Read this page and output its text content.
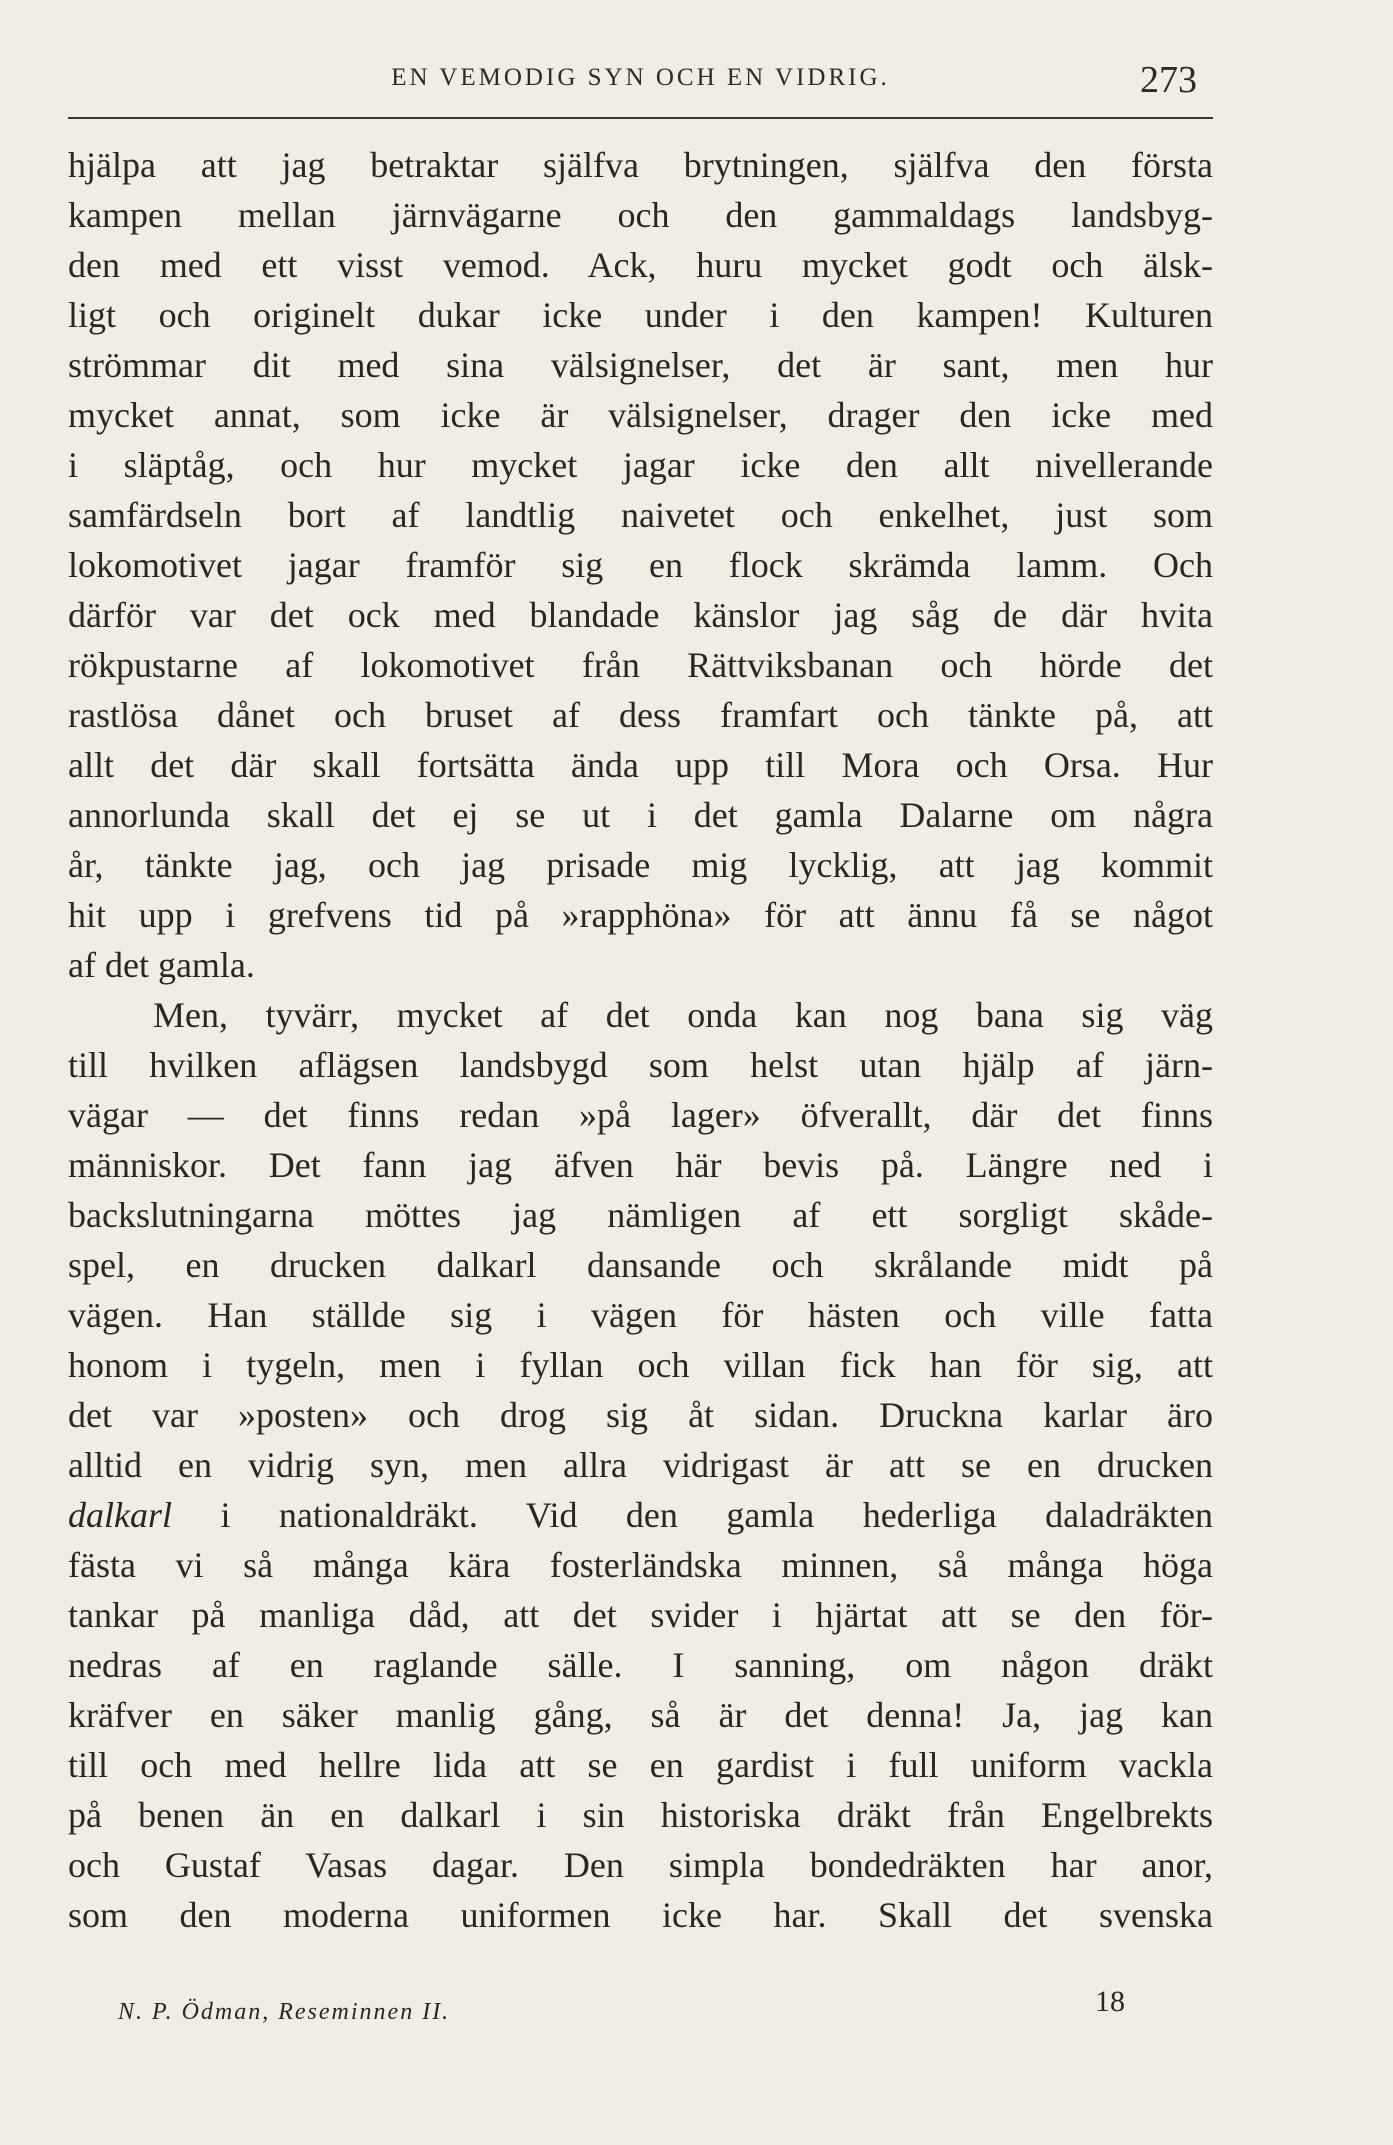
EN VEMODIG SYN OCH EN VIDRIG.	273
hjälpa att jag betraktar själfva brytningen, själfva den första
kampen mellan järnvägarne och den gammaldags landsbyg-
den med ett visst vemod. Ack, huru mycket godt och älsk-
ligt och originelt dukar icke under i den kampen! Kulturen
strömmar dit med sina välsignelser, det är sant, men hur
mycket annat, som icke är välsignelser, drager den icke med
i släptåg, och hur mycket jagar icke den allt nivellerande
samfärdseln bort af landtlig naivetet och enkelhet, just som
lokomotivet jagar framför sig en flock skrämda lamm. Och
därför var det ock med blandade känslor jag såg de där hvita
rökpustarne af lokomotivet från Rättviksbanan och hörde det
rastlösa dånet och bruset af dess framfart och tänkte på, att
allt det där skall fortsätta ända upp till Mora och Orsa. Hur
annorlunda skall det ej se ut i det gamla Dalarne om några
år, tänkte jag, och jag prisade mig lycklig, att jag kommit
hit upp i grefvens tid på »rapphöna» för att ännu få se något
af det gamla.
Men, tyvärr, mycket af det onda kan nog bana sig väg
till hvilken aflägsen landsbygd som helst utan hjälp af järn-
vägar — det finns redan »på lager» öfverallt, där det finns
människor. Det fann jag äfven här bevis på. Längre ned i
backslutningarna möttes jag nämligen af ett sorgligt skåde-
spel, en drucken dalkarl dansande och skrålande midt på
vägen. Han ställde sig i vägen för hästen och ville fatta
honom i tygeln, men i fyllan och villan fick han för sig, att
det var »posten» och drog sig åt sidan. Druckna karlar äro
alltid en vidrig syn, men allra vidrigast är att se en drucken
dalkarl i nationaldräkt. Vid den gamla hederliga daladräkten
fästa vi så många kära fosterländska minnen, så många höga
tankar på manliga dåd, att det svider i hjärtat att se den för-
nedras af en raglande sälle. I sanning, om någon dräkt
kräfver en säker manlig gång, så är det denna! Ja, jag kan
till och med hellre lida att se en gardist i full uniform vackla
på benen än en dalkarl i sin historiska dräkt från Engelbrekts
och Gustaf Vasas dagar. Den simpla bondedräkten har anor,
som den moderna uniformen icke har. Skall det svenska
N. P. Ödman, Reseminnen II.	18
